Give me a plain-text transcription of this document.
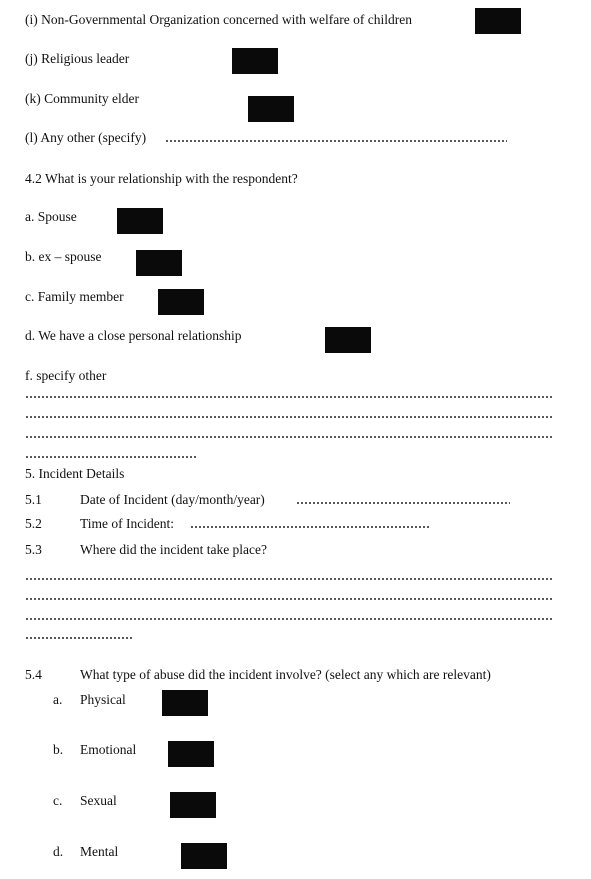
(i) Non-Governmental Organization concerned with welfare of children
(j) Religious leader
(k) Community elder
(l) Any other (specify)
4.2 What is your relationship with the respondent?
a. Spouse
b. ex – spouse
c. Family member
d. We have a close personal relationship
f. specify other
5. Incident Details
5.1	Date of Incident (day/month/year)
5.2	Time of Incident:
5.3	Where did the incident take place?
5.4	What type of abuse did the incident involve? (select any which are relevant)
a. Physical
b. Emotional
c. Sexual
d. Mental
